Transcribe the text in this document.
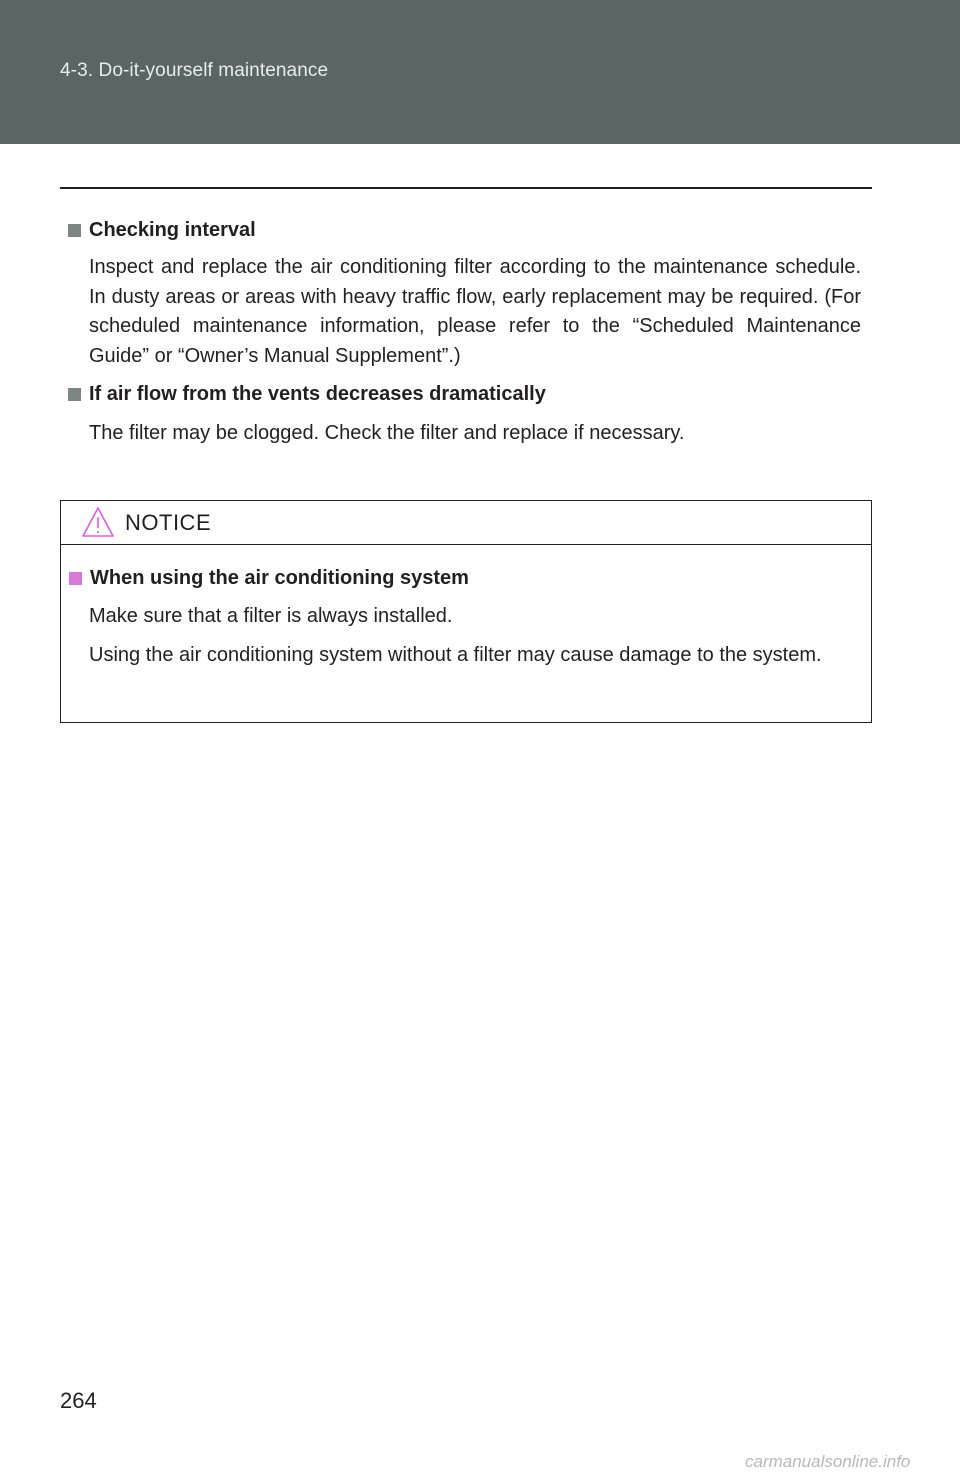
4-3. Do-it-yourself maintenance
Checking interval

Inspect and replace the air conditioning filter according to the maintenance schedule. In dusty areas or areas with heavy traffic flow, early replacement may be required. (For scheduled maintenance information, please refer to the “Scheduled Maintenance Guide” or “Owner’s Manual Supplement”.)

If air flow from the vents decreases dramatically

The filter may be clogged. Check the filter and replace if necessary.

NOTICE
When using the air conditioning system

Make sure that a filter is always installed.

Using the air conditioning system without a filter may cause damage to the system.

264
carmanualsonline.info
